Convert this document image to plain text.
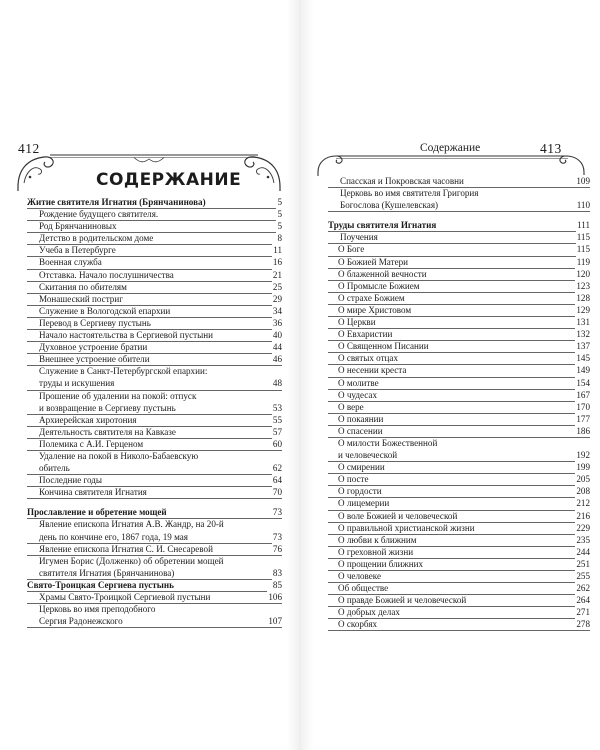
412
СОДЕРЖАНИЕ
Житие святителя Игнатия (Брянчанинова)	5
Рождение будущего святителя.	5
Род Брянчаниновых	5
Детство в родительском доме	8
Учеба в Петербурге	11
Военная служба	16
Отставка. Начало послушничества	21
Скитания по обителям	25
Монашеский постриг	29
Служение в Вологодской епархии	34
Перевод в Сергиеву пустынь	36
Начало настоятельства в Сергиевой пустыни	40
Духовное устроение братии	44
Внешнее устроение обители	46
Служение в Санкт-Петербургской епархии:
труды и искушения	48
Прошение об удалении на покой: отпуск
и возвращение в Сергиеву пустынь	53
Архиерейская хиротония	55
Деятельность святителя на Кавказе	57
Полемика с А.И. Герценом	60
Удаление на покой в Николо-Бабаевскую
обитель	62
Последние годы	64
Кончина святителя Игнатия	70
Прославление и обретение мощей	73
Явление епископа Игнатия А.В. Жандр, на 20-й
день по кончине его, 1867 года, 19 мая	73
Явление епископа Игнатия С. И. Снесаревой	76
Игумен Борис (Долженко) об обретении мощей
святителя Игнатия (Брянчанинова)	83
Свято-Троицкая Сергиева пустынь	85
Храмы Свято-Троицкой Сергиевой пустыни	106
Церковь во имя преподобного
Сергия Радонежского	107
Содержание	413
Спасская и Покровская часовни	109
Церковь во имя святителя Григория
Богослова (Кушелевская)	110
Труды святителя Игнатия	111
Поучения	115
О Боге	115
О Божией Матери	119
О блаженной вечности	120
О Промысле Божием	123
О страхе Божием	128
О мире Христовом	129
О Церкви	131
О Евхаристии	132
О Священном Писании	137
О святых отцах	145
О несении креста	149
О молитве	154
О чудесах	167
О вере	170
О покаянии	177
О спасении	186
О милости Божественной
и человеческой	192
О смирении	199
О посте	205
О гордости	208
О лицемерии	212
О воле Божией и человеческой	216
О правильной христианской жизни	229
О любви к ближним	235
О греховной жизни	244
О прощении ближних	251
О человеке	255
Об обществе	262
О правде Божией и человеческой	264
О добрых делах	271
О скорбях	278
